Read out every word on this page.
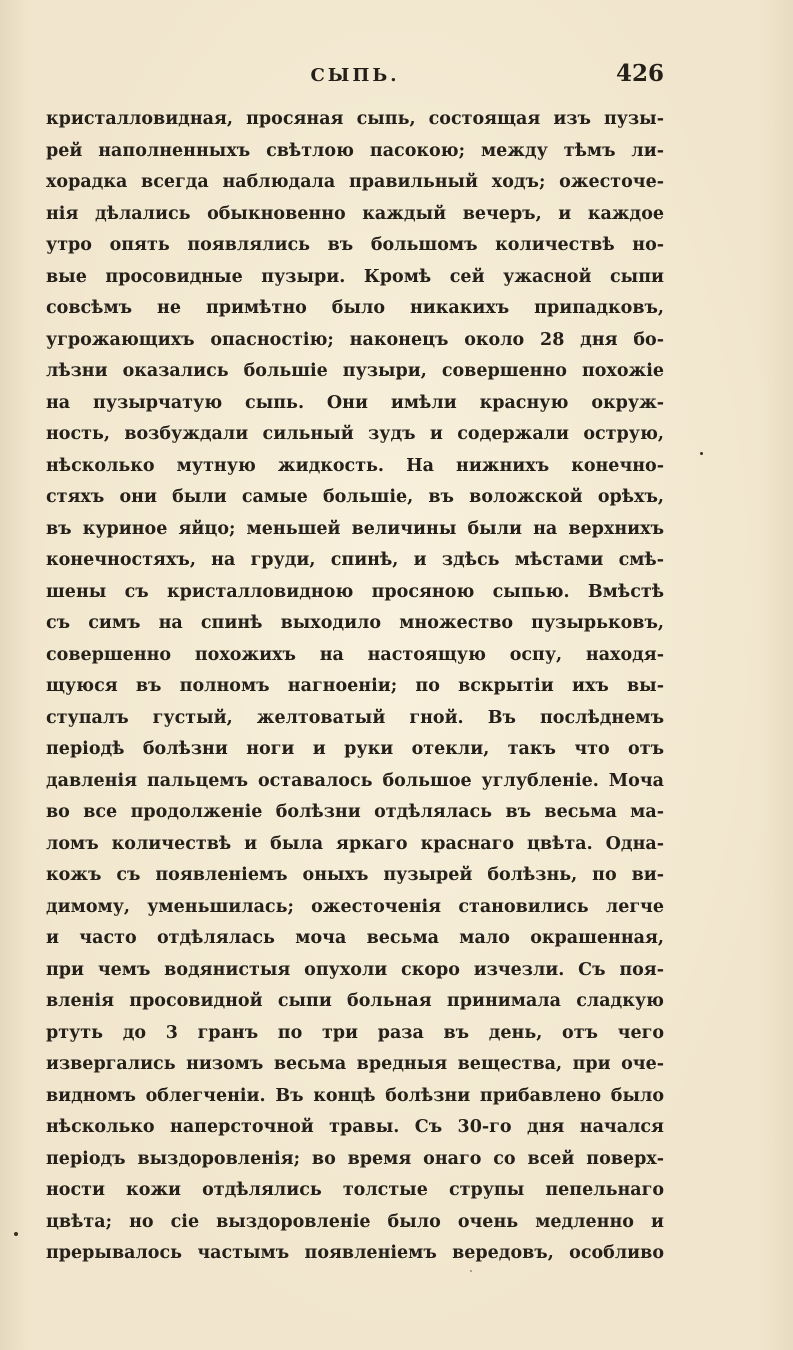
СЫПЬ.	426
кристалловидная, просяная сыпь, состоящая изъ пузы-
рей наполненныхъ свѣтлою пасокою; между тѣмъ ли-
хорадка всегда наблюдала правильный ходъ; ожесточе-
нія дѣлались обыкновенно каждый вечеръ, и каждое
утро опять появлялись въ большомъ количествѣ но-
вые просовидные пузыри. Кромѣ сей ужасной сыпи
совсѣмъ не примѣтно было никакихъ припадковъ,
угрожающихъ опасностію; наконецъ около 28 дня бо-
лѣзни оказались большіе пузыри, совершенно похожіе
на пузырчатую сыпь. Они имѣли красную окруж-
ность, возбуждали сильный зудъ и содержали острую,
нѣсколько мутную жидкость. На нижнихъ конечно-
стяхъ они были самые большіе, въ воложской орѣхъ,
въ куриное яйцо; меньшей величины были на верхнихъ
конечностяхъ, на груди, спинѣ, и здѣсь мѣстами смѣ-
шены съ кристалловидною просяною сыпью. Вмѣстѣ
съ симъ на спинѣ выходило множество пузырьковъ,
совершенно похожихъ на настоящую оспу, находя-
щуюся въ полномъ нагноеніи; по вскрытіи ихъ вы-
ступалъ густый, желтоватый гной. Въ послѣднемъ
періодѣ болѣзни ноги и руки отекли, такъ что отъ
давленія пальцемъ оставалось большое углубленіе. Моча
во все продолженіе болѣзни отдѣлялась въ весьма ма-
ломъ количествѣ и была яркаго краснаго цвѣта. Одна-
кожъ съ появленіемъ оныхъ пузырей болѣзнь, по ви-
димому, уменьшилась; ожесточенія становились легче
и часто отдѣлялась моча весьма мало окрашенная,
при чемъ водянистыя опухоли скоро изчезли. Съ поя-
вленія просовидной сыпи больная принимала сладкую
ртуть до 3 гранъ по три раза въ день, отъ чего
извергались низомъ весьма вредныя вещества, при оче-
видномъ облегченіи. Въ концѣ болѣзни прибавлено было
нѣсколько наперсточной травы. Съ 30-го дня начался
періодъ выздоровленія; во время онаго со всей поверх-
ности кожи отдѣлялись толстые струпы пепельнаго
цвѣта; но сіе выздоровленіе было очень медленно и
прерывалось частымъ появленіемъ вередовъ, особливо
